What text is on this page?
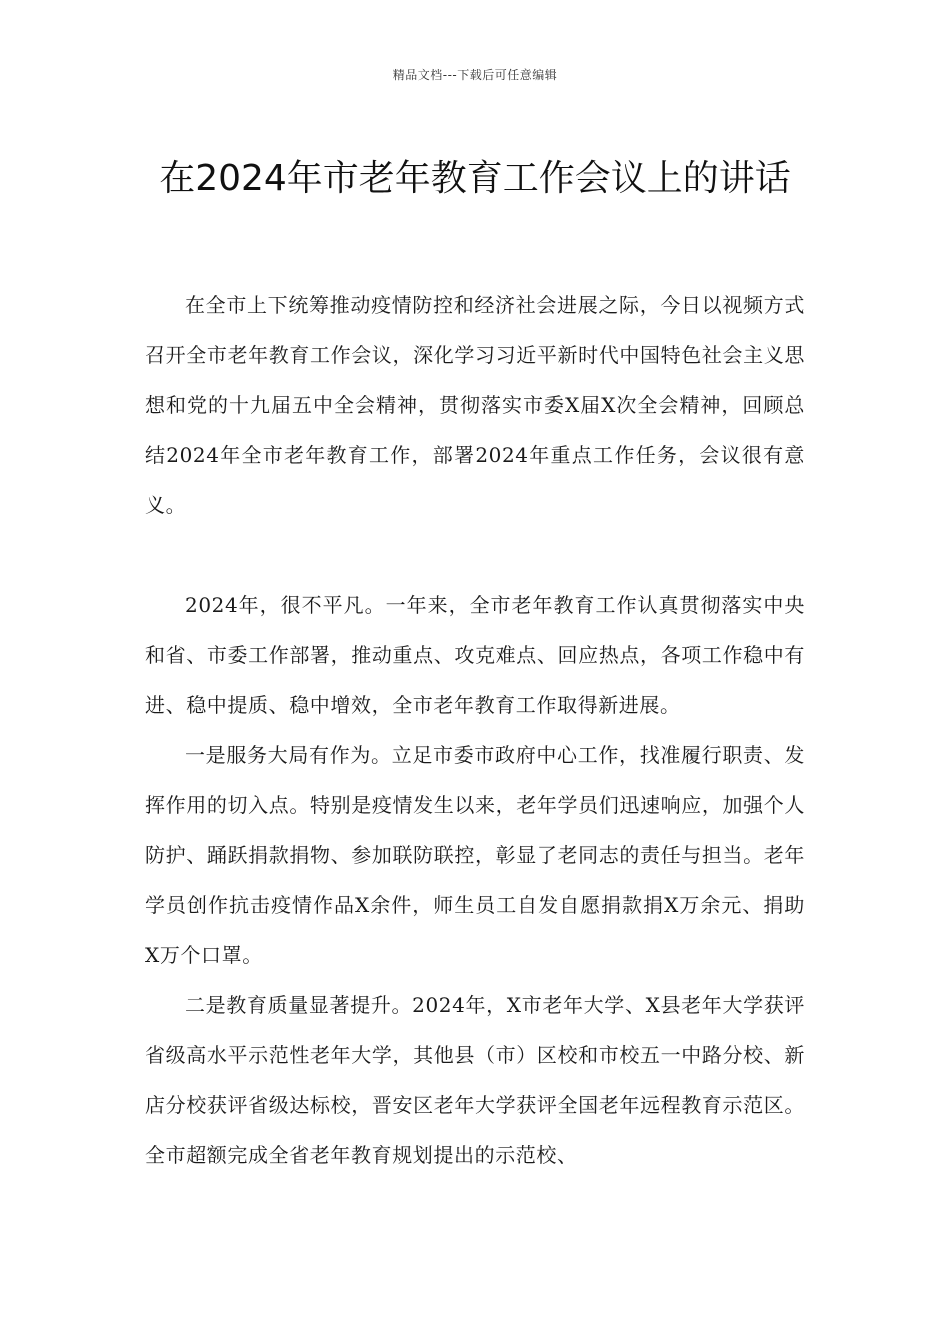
精品文档---下载后可任意编辑
在2024年市老年教育工作会议上的讲话

在全市上下统筹推动疫情防控和经济社会进展之际，今日以视频方式召开全市老年教育工作会议，深化学习习近平新时代中国特色社会主义思想和党的十九届五中全会精神，贯彻落实市委X届X次全会精神，回顾总结2024年全市老年教育工作，部署2024年重点工作任务，会议很有意义。

2024年，很不平凡。一年来，全市老年教育工作认真贯彻落实中央和省、市委工作部署，推动重点、攻克难点、回应热点，各项工作稳中有进、稳中提质、稳中增效，全市老年教育工作取得新进展。

一是服务大局有作为。立足市委市政府中心工作，找准履行职责、发挥作用的切入点。特别是疫情发生以来，老年学员们迅速响应，加强个人防护、踊跃捐款捐物、参加联防联控，彰显了老同志的责任与担当。老年学员创作抗击疫情作品X余件，师生员工自发自愿捐款捐X万余元、捐助X万个口罩。

二是教育质量显著提升。2024年，X市老年大学、X县老年大学获评省级高水平示范性老年大学，其他县（市）区校和市校五一中路分校、新店分校获评省级达标校，晋安区老年大学获评全国老年远程教育示范区。全市超额完成全省老年教育规划提出的示范校、
